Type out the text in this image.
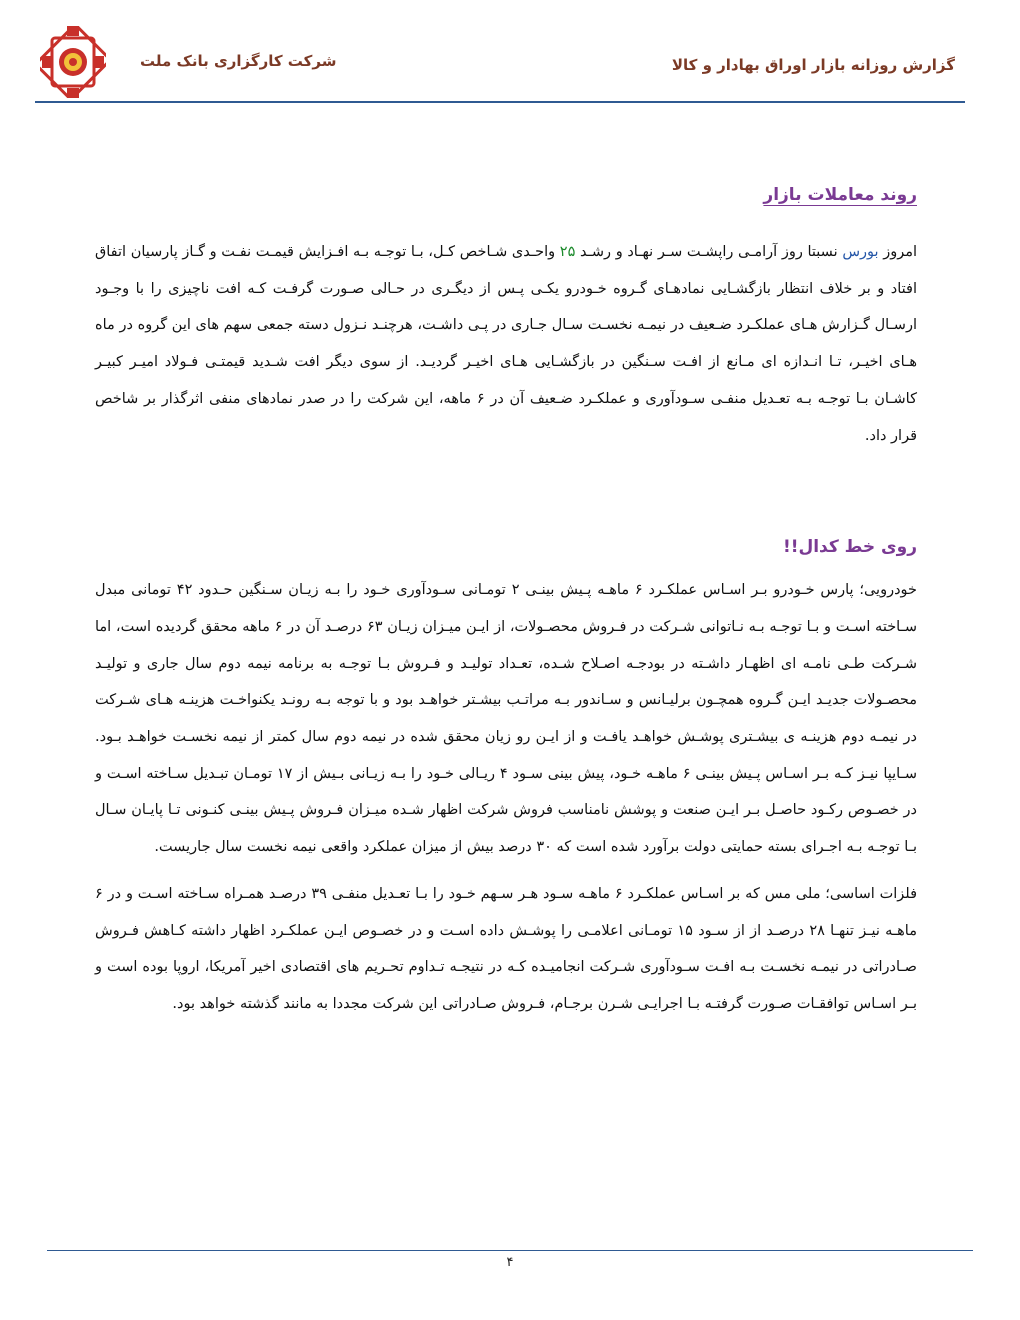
گزارش روزانه بازار اوراق بهادار و کالا
شرکت کارگزاری بانک ملت
روند معاملات بازار

امروز بورس نسبتا روز آرامـی راپشـت سـر نهـاد و رشـد ۲۵ واحـدی شـاخص کـل، بـا توجـه بـه افـزایش قیمـت نفـت و گـاز پارسیان اتفاق افتاد و بر خلاف انتظار بازگشـایی نمادهـای گـروه خـودرو یکـی پـس از دیگـری در حـالی صـورت گرفـت کـه افت ناچیزی را با وجـود ارسـال گـزارش هـای عملکـرد ضـعیف در نیمـه نخسـت سـال جـاری در پـی داشـت، هرچنـد نـزول دسته جمعی سهم های این گروه در ماه هـای اخیـر، تـا انـدازه ای مـانع از افـت سـنگین در بازگشـایی هـای اخیـر گردیـد. از سوی دیگر افت شـدید قیمتـی فـولاد امیـر کبیـر کاشـان بـا توجـه بـه تعـدیل منفـی سـودآوری و عملکـرد ضـعیف آن در ۶ ماهه، این شرکت را در صدر نمادهای منفی اثرگذار بر شاخص قرار داد.

روی خط کدال!!

خودرویی؛ پارس خـودرو بـر اسـاس عملکـرد ۶ ماهـه پـیش بینـی ۲ تومـانی سـودآوری خـود را بـه زیـان سـنگین حـدود ۴۲ تومانی مبدل سـاخته اسـت و بـا توجـه بـه نـاتوانی شـرکت در فـروش محصـولات، از ایـن میـزان زیـان ۶۳ درصـد آن در ۶ ماهه محقق گردیده است، اما شـرکت طـی نامـه ای اظهـار داشـته در بودجـه اصـلاح شـده، تعـداد تولیـد و فـروش بـا توجـه به برنامه نیمه دوم سال جاری و تولیـد محصـولات جدیـد ایـن گـروه همچـون برلیـانس و سـاندور بـه مراتـب بیشـتر خواهـد بود و با توجه بـه رونـد یکنواخـت هزینـه هـای شـرکت در نیمـه دوم هزینـه ی بیشـتری پوشـش خواهـد یافـت و از ایـن رو زیان محقق شده در نیمه دوم سال کمتر از نیمه نخسـت خواهـد بـود. سـایپا نیـز کـه بـر اسـاس پـیش بینـی ۶ ماهـه خـود، پیش بینی سـود ۴ ریـالی خـود را بـه زیـانی بـیش از ۱۷ تومـان تبـدیل سـاخته اسـت و در خصـوص رکـود حاصـل بـر ایـن صنعت و پوشش نامناسب فروش شرکت اظهار شـده میـزان فـروش پـیش بینـی کنـونی تـا پایـان سـال بـا توجـه بـه اجـرای بسته حمایتی دولت برآورد شده است که ۳۰ درصد بیش از میزان عملکرد واقعی نیمه نخست سال جاریست.

فلزات اساسی؛ ملی مس که بر اسـاس عملکـرد ۶ ماهـه سـود هـر سـهم خـود را بـا تعـدیل منفـی ۳۹ درصـد همـراه سـاخته اسـت و در ۶ ماهـه نیـز تنهـا ۲۸ درصـد از از سـود ۱۵ تومـانی اعلامـی را پوشـش داده اسـت و در خصـوص ایـن عملکـرد اظهار داشته کـاهش فـروش صـادراتی در نیمـه نخسـت بـه افـت سـودآوری شـرکت انجامیـده کـه در نتیجـه تـداوم تحـریم های اقتصادی اخیر آمریکا، اروپا بوده است و بـر اسـاس توافقـات صـورت گرفتـه بـا اجرایـی شـرن برجـام، فـروش صـادراتی این شرکت مجددا به مانند گذشته خواهد بود.

۴
